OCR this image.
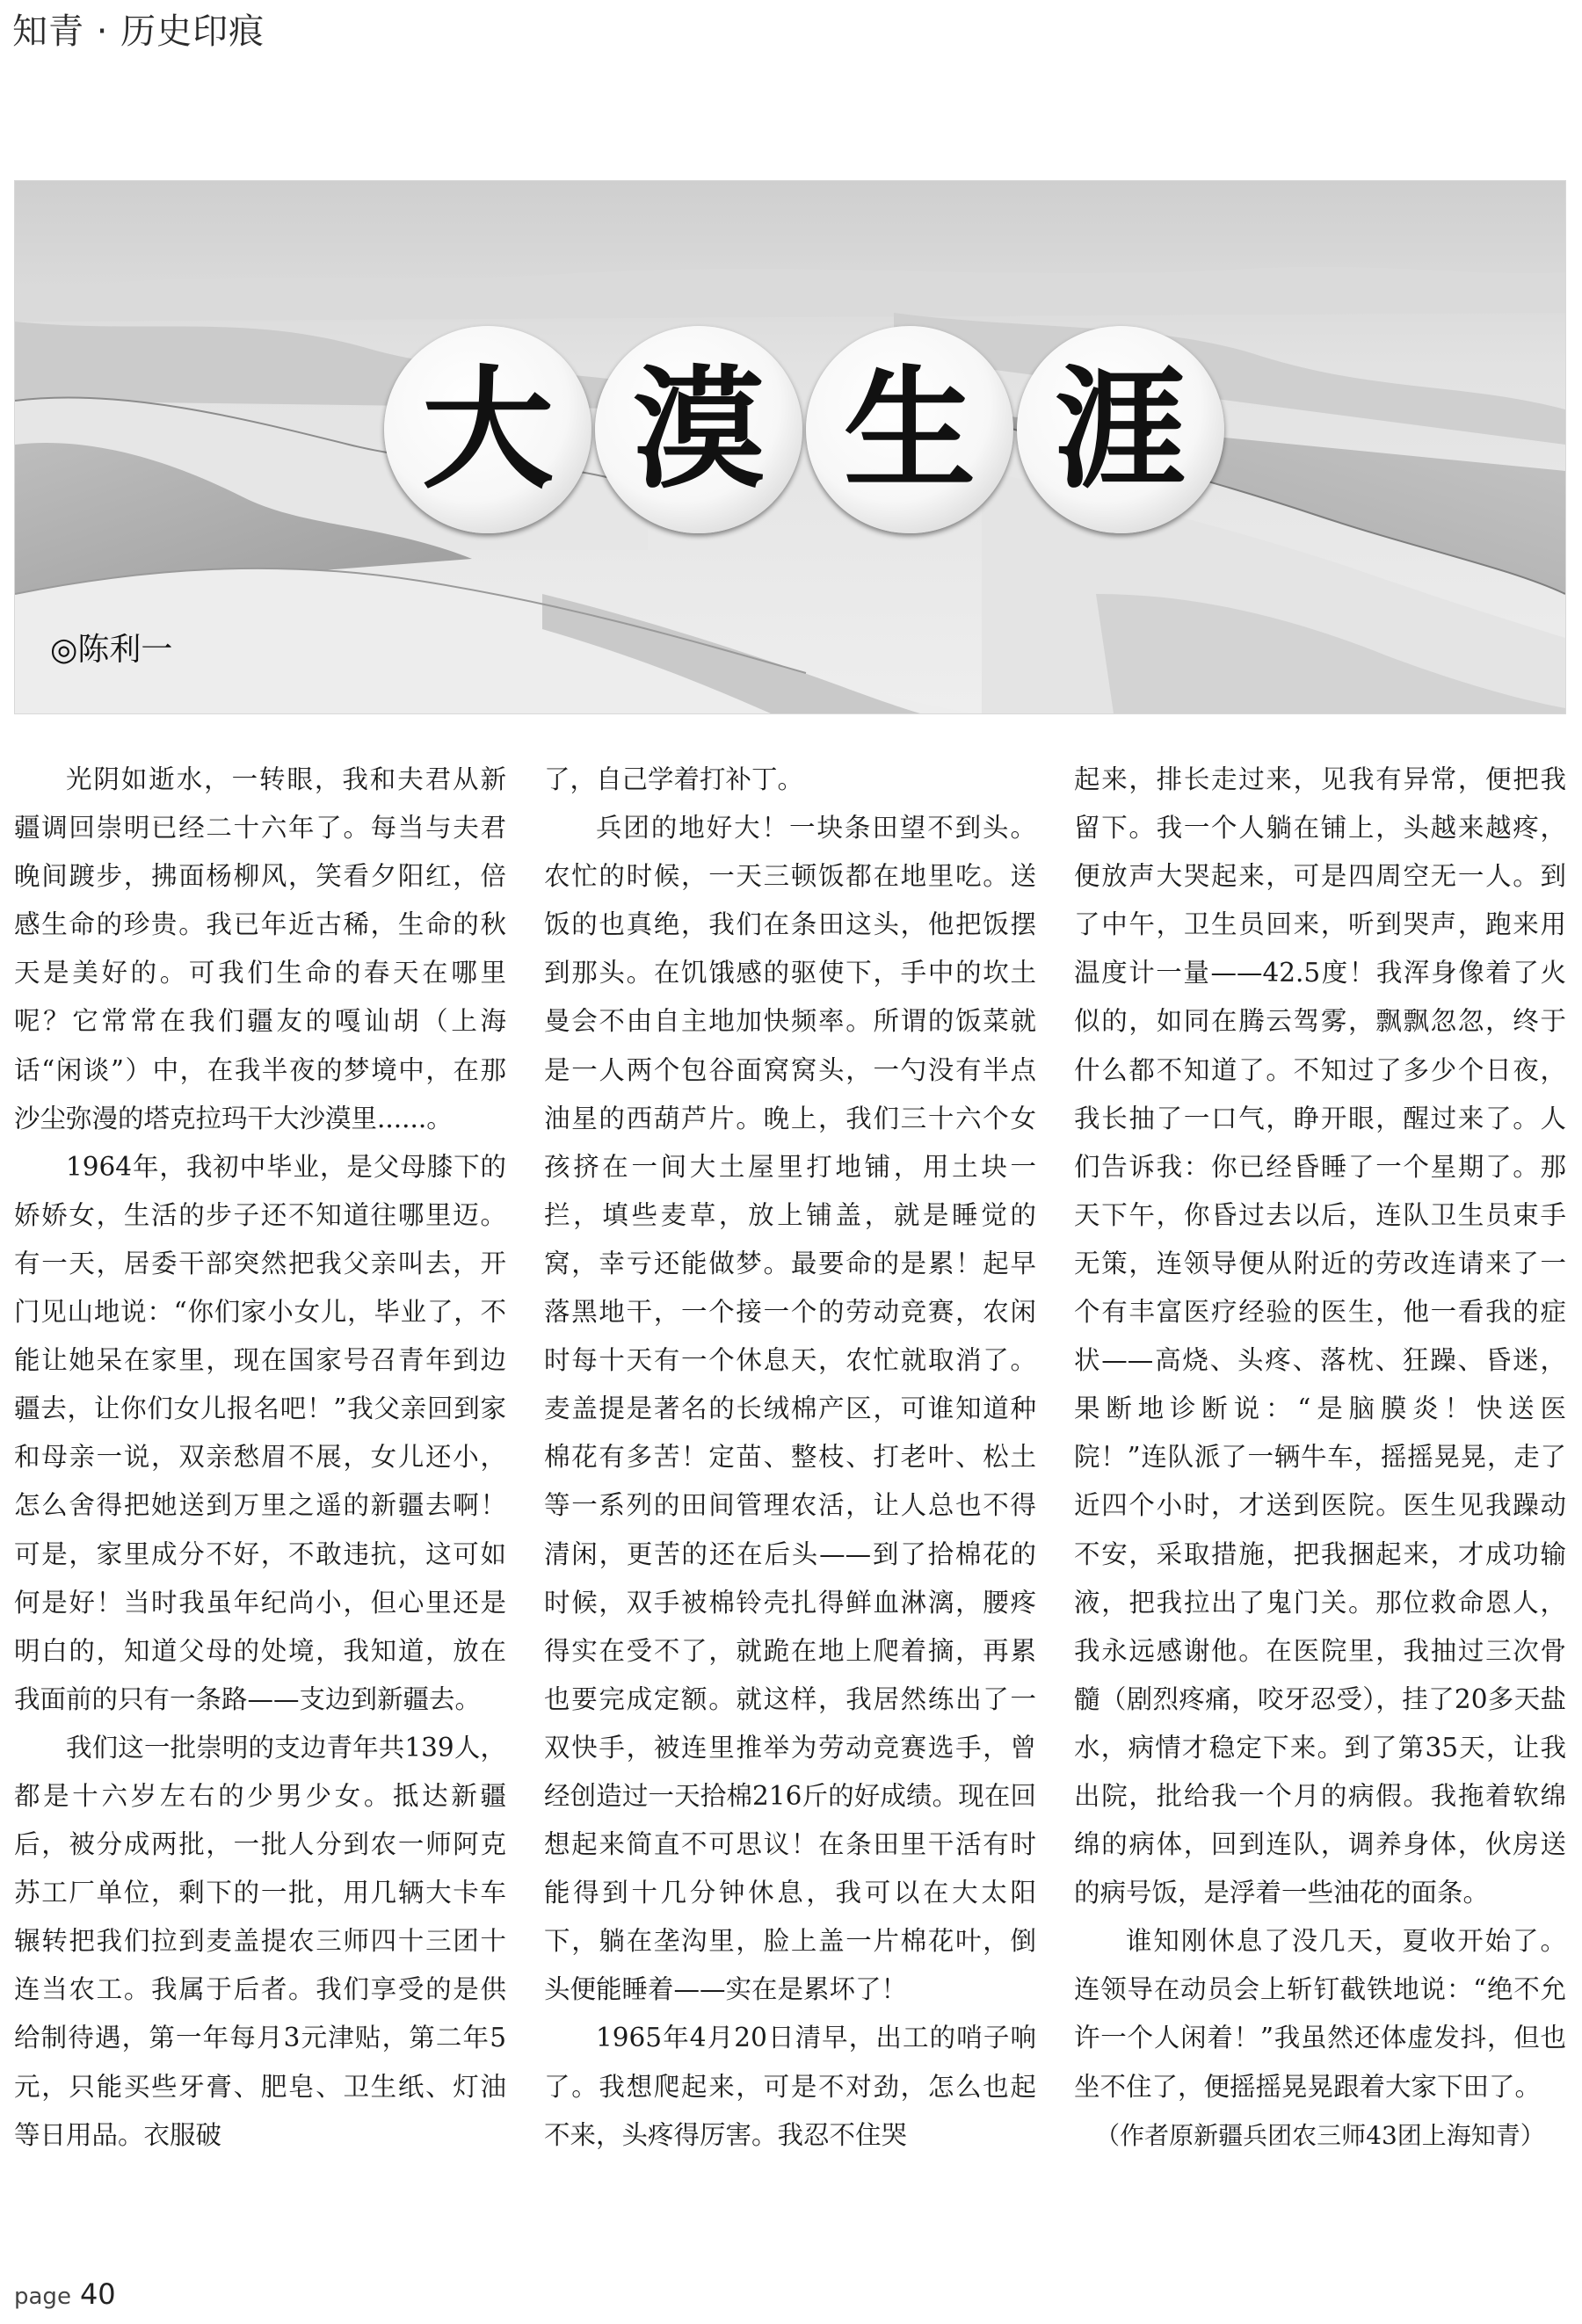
知青 · 历史印痕
大 漠 生 涯
◎陈利一

光阴如逝水，一转眼，我和夫君从新疆调回崇明已经二十六年了。每当与夫君晚间踱步，拂面杨柳风，笑看夕阳红，倍感生命的珍贵。我已年近古稀，生命的秋天是美好的。可我们生命的春天在哪里呢？它常常在我们疆友的嘎讪胡（上海话“闲谈”）中，在我半夜的梦境中，在那沙尘弥漫的塔克拉玛干大沙漠里......。

1964年，我初中毕业，是父母膝下的娇娇女，生活的步子还不知道往哪里迈。有一天，居委干部突然把我父亲叫去，开门见山地说：“你们家小女儿，毕业了，不能让她呆在家里，现在国家号召青年到边疆去，让你们女儿报名吧！”我父亲回到家和母亲一说，双亲愁眉不展，女儿还小，怎么舍得把她送到万里之遥的新疆去啊！可是，家里成分不好，不敢违抗，这可如何是好！当时我虽年纪尚小，但心里还是明白的，知道父母的处境，我知道，放在我面前的只有一条路——支边到新疆去。

我们这一批崇明的支边青年共139人，都是十六岁左右的少男少女。抵达新疆后，被分成两批，一批人分到农一师阿克苏工厂单位，剩下的一批，用几辆大卡车辗转把我们拉到麦盖提农三师四十三团十连当农工。我属于后者。我们享受的是供给制待遇，第一年每月3元津贴，第二年5元，只能买些牙膏、肥皂、卫生纸、灯油等日用品。衣服破

了，自己学着打补丁。

兵团的地好大！一块条田望不到头。农忙的时候，一天三顿饭都在地里吃。送饭的也真绝，我们在条田这头，他把饭摆到那头。在饥饿感的驱使下，手中的坎土曼会不由自主地加快频率。所谓的饭菜就是一人两个包谷面窝窝头，一勺没有半点油星的西葫芦片。晚上，我们三十六个女孩挤在一间大土屋里打地铺，用土块一拦，填些麦草，放上铺盖，就是睡觉的窝，幸亏还能做梦。最要命的是累！起早落黑地干，一个接一个的劳动竞赛，农闲时每十天有一个休息天，农忙就取消了。麦盖提是著名的长绒棉产区，可谁知道种棉花有多苦！定苗、整枝、打老叶、松土等一系列的田间管理农活，让人总也不得清闲，更苦的还在后头——到了拾棉花的时候，双手被棉铃壳扎得鲜血淋漓，腰疼得实在受不了，就跪在地上爬着摘，再累也要完成定额。就这样，我居然练出了一双快手，被连里推举为劳动竞赛选手，曾经创造过一天拾棉216斤的好成绩。现在回想起来简直不可思议！在条田里干活有时能得到十几分钟休息，我可以在大太阳下，躺在垄沟里，脸上盖一片棉花叶，倒头便能睡着——实在是累坏了！

1965年4月20日清早，出工的哨子响了。我想爬起来，可是不对劲，怎么也起不来，头疼得厉害。我忍不住哭

起来，排长走过来，见我有异常，便把我留下。我一个人躺在铺上，头越来越疼，便放声大哭起来，可是四周空无一人。到了中午，卫生员回来，听到哭声，跑来用温度计一量——42.5度！我浑身像着了火似的，如同在腾云驾雾，飘飘忽忽，终于什么都不知道了。不知过了多少个日夜，我长抽了一口气，睁开眼，醒过来了。人们告诉我：你已经昏睡了一个星期了。那天下午，你昏过去以后，连队卫生员束手无策，连领导便从附近的劳改连请来了一个有丰富医疗经验的医生，他一看我的症状——高烧、头疼、落枕、狂躁、昏迷，果断地诊断说：“是脑膜炎！快送医院！”连队派了一辆牛车，摇摇晃晃，走了近四个小时，才送到医院。医生见我躁动不安，采取措施，把我捆起来，才成功输液，把我拉出了鬼门关。那位救命恩人，我永远感谢他。在医院里，我抽过三次骨髓（剧烈疼痛，咬牙忍受），挂了20多天盐水，病情才稳定下来。到了第35天，让我出院，批给我一个月的病假。我拖着软绵绵的病体，回到连队，调养身体，伙房送的病号饭，是浮着一些油花的面条。

谁知刚休息了没几天，夏收开始了。连领导在动员会上斩钉截铁地说：“绝不允许一个人闲着！”我虽然还体虚发抖，但也坐不住了，便摇摇晃晃跟着大家下田了。

（作者原新疆兵团农三师43团上海知青）

page 40
